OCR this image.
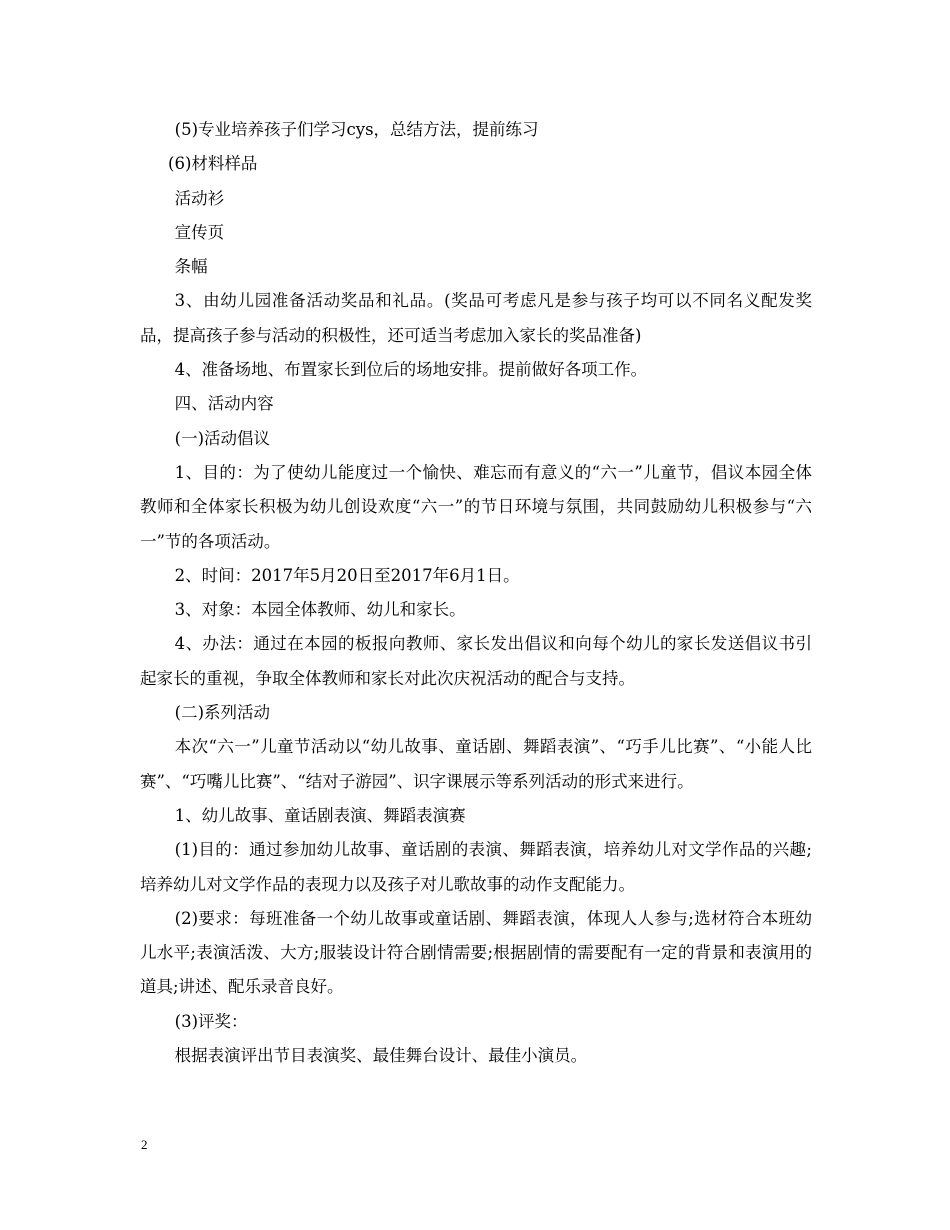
(5)专业培养孩子们学习cys，总结方法，提前练习

(6)材料样品

活动衫

宣传页

条幅

3、由幼儿园准备活动奖品和礼品。(奖品可考虑凡是参与孩子均可以不同名义配发奖品，提高孩子参与活动的积极性，还可适当考虑加入家长的奖品准备)

4、准备场地、布置家长到位后的场地安排。提前做好各项工作。

四、活动内容

(一)活动倡议

1、目的：为了使幼儿能度过一个愉快、难忘而有意义的“六一”儿童节，倡议本园全体教师和全体家长积极为幼儿创设欢度“六一”的节日环境与氛围，共同鼓励幼儿积极参与“六一”节的各项活动。

2、时间：2017年5月20日至2017年6月1日。

3、对象：本园全体教师、幼儿和家长。

4、办法：通过在本园的板报向教师、家长发出倡议和向每个幼儿的家长发送倡议书引起家长的重视，争取全体教师和家长对此次庆祝活动的配合与支持。

(二)系列活动

本次“六一”儿童节活动以“幼儿故事、童话剧、舞蹈表演”、“巧手儿比赛”、“小能人比赛”、“巧嘴儿比赛”、“结对子游园”、识字课展示等系列活动的形式来进行。

1、幼儿故事、童话剧表演、舞蹈表演赛

(1)目的：通过参加幼儿故事、童话剧的表演、舞蹈表演，培养幼儿对文学作品的兴趣;培养幼儿对文学作品的表现力以及孩子对儿歌故事的动作支配能力。

(2)要求：每班准备一个幼儿故事或童话剧、舞蹈表演，体现人人参与;选材符合本班幼儿水平;表演活泼、大方;服装设计符合剧情需要;根据剧情的需要配有一定的背景和表演用的道具;讲述、配乐录音良好。

(3)评奖：

根据表演评出节目表演奖、最佳舞台设计、最佳小演员。

2
